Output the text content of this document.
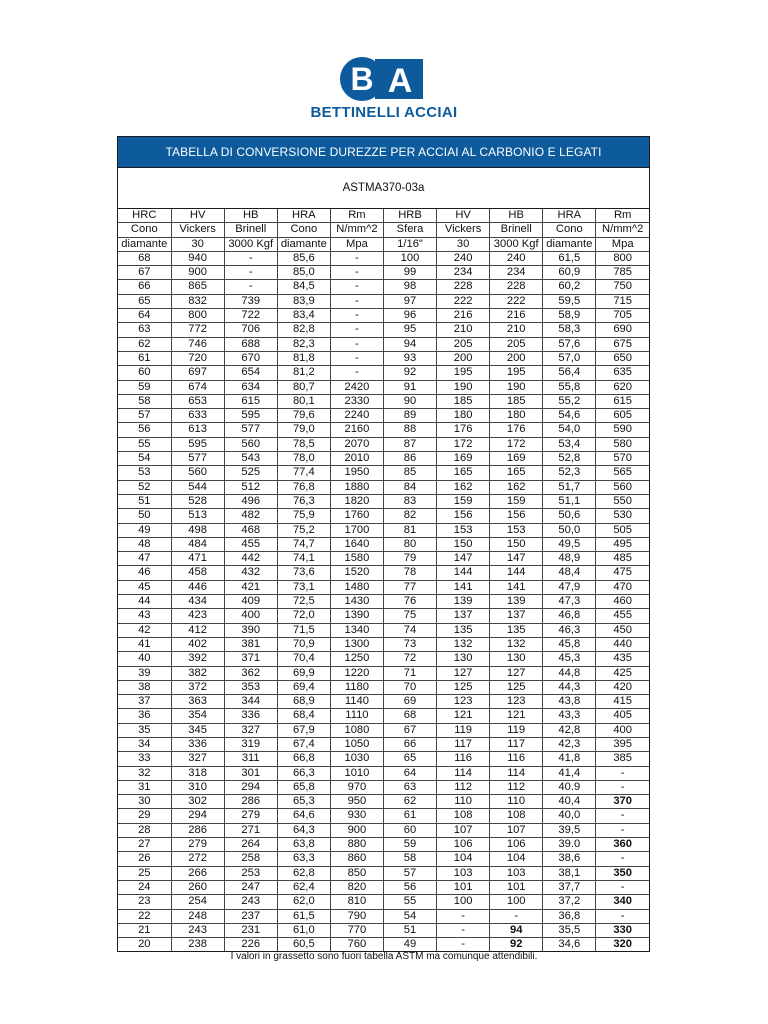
B A
BETTINELLI ACCIAI
TABELLA DI CONVERSIONE DUREZZE PER ACCIAI AL CARBONIO E LEGATI
ASTMA370-03a
HRC	HV	HB	HRA	Rm	HRB	HV	HB	HRA	Rm
Cono	Vickers	Brinell	Cono	N/mm^2	Sfera	Vickers	Brinell	Cono	N/mm^2
diamante	30	3000 Kgf	diamante	Mpa	1/16"	30	3000 Kgf	diamante	Mpa
68	940	-	85,6	-	100	240	240	61,5	800
67	900	-	85,0	-	99	234	234	60,9	785
66	865	-	84,5	-	98	228	228	60,2	750
65	832	739	83,9	-	97	222	222	59,5	715
64	800	722	83,4	-	96	216	216	58,9	705
63	772	706	82,8	-	95	210	210	58,3	690
62	746	688	82,3	-	94	205	205	57,6	675
61	720	670	81,8	-	93	200	200	57,0	650
60	697	654	81,2	-	92	195	195	56,4	635
59	674	634	80,7	2420	91	190	190	55,8	620
58	653	615	80,1	2330	90	185	185	55,2	615
57	633	595	79,6	2240	89	180	180	54,6	605
56	613	577	79,0	2160	88	176	176	54,0	590
55	595	560	78,5	2070	87	172	172	53,4	580
54	577	543	78,0	2010	86	169	169	52,8	570
53	560	525	77,4	1950	85	165	165	52,3	565
52	544	512	76,8	1880	84	162	162	51,7	560
51	528	496	76,3	1820	83	159	159	51,1	550
50	513	482	75,9	1760	82	156	156	50,6	530
49	498	468	75,2	1700	81	153	153	50,0	505
48	484	455	74,7	1640	80	150	150	49,5	495
47	471	442	74,1	1580	79	147	147	48,9	485
46	458	432	73,6	1520	78	144	144	48,4	475
45	446	421	73,1	1480	77	141	141	47,9	470
44	434	409	72,5	1430	76	139	139	47,3	460
43	423	400	72,0	1390	75	137	137	46,8	455
42	412	390	71,5	1340	74	135	135	46,3	450
41	402	381	70,9	1300	73	132	132	45,8	440
40	392	371	70,4	1250	72	130	130	45,3	435
39	382	362	69,9	1220	71	127	127	44,8	425
38	372	353	69,4	1180	70	125	125	44,3	420
37	363	344	68,9	1140	69	123	123	43,8	415
36	354	336	68,4	1110	68	121	121	43,3	405
35	345	327	67,9	1080	67	119	119	42,8	400
34	336	319	67,4	1050	66	117	117	42,3	395
33	327	311	66,8	1030	65	116	116	41,8	385
32	318	301	66,3	1010	64	114	114	41,4	-
31	310	294	65,8	970	63	112	112	40.9	-
30	302	286	65,3	950	62	110	110	40,4	370
29	294	279	64,6	930	61	108	108	40,0	-
28	286	271	64,3	900	60	107	107	39,5	-
27	279	264	63,8	880	59	106	106	39.0	360
26	272	258	63,3	860	58	104	104	38,6	-
25	266	253	62,8	850	57	103	103	38,1	350
24	260	247	62,4	820	56	101	101	37,7	-
23	254	243	62,0	810	55	100	100	37,2	340
22	248	237	61,5	790	54	-	-	36,8	-
21	243	231	61,0	770	51	-	94	35,5	330
20	238	226	60,5	760	49	-	92	34,6	320
I valori in grassetto sono fuori tabella ASTM ma comunque attendibili.
